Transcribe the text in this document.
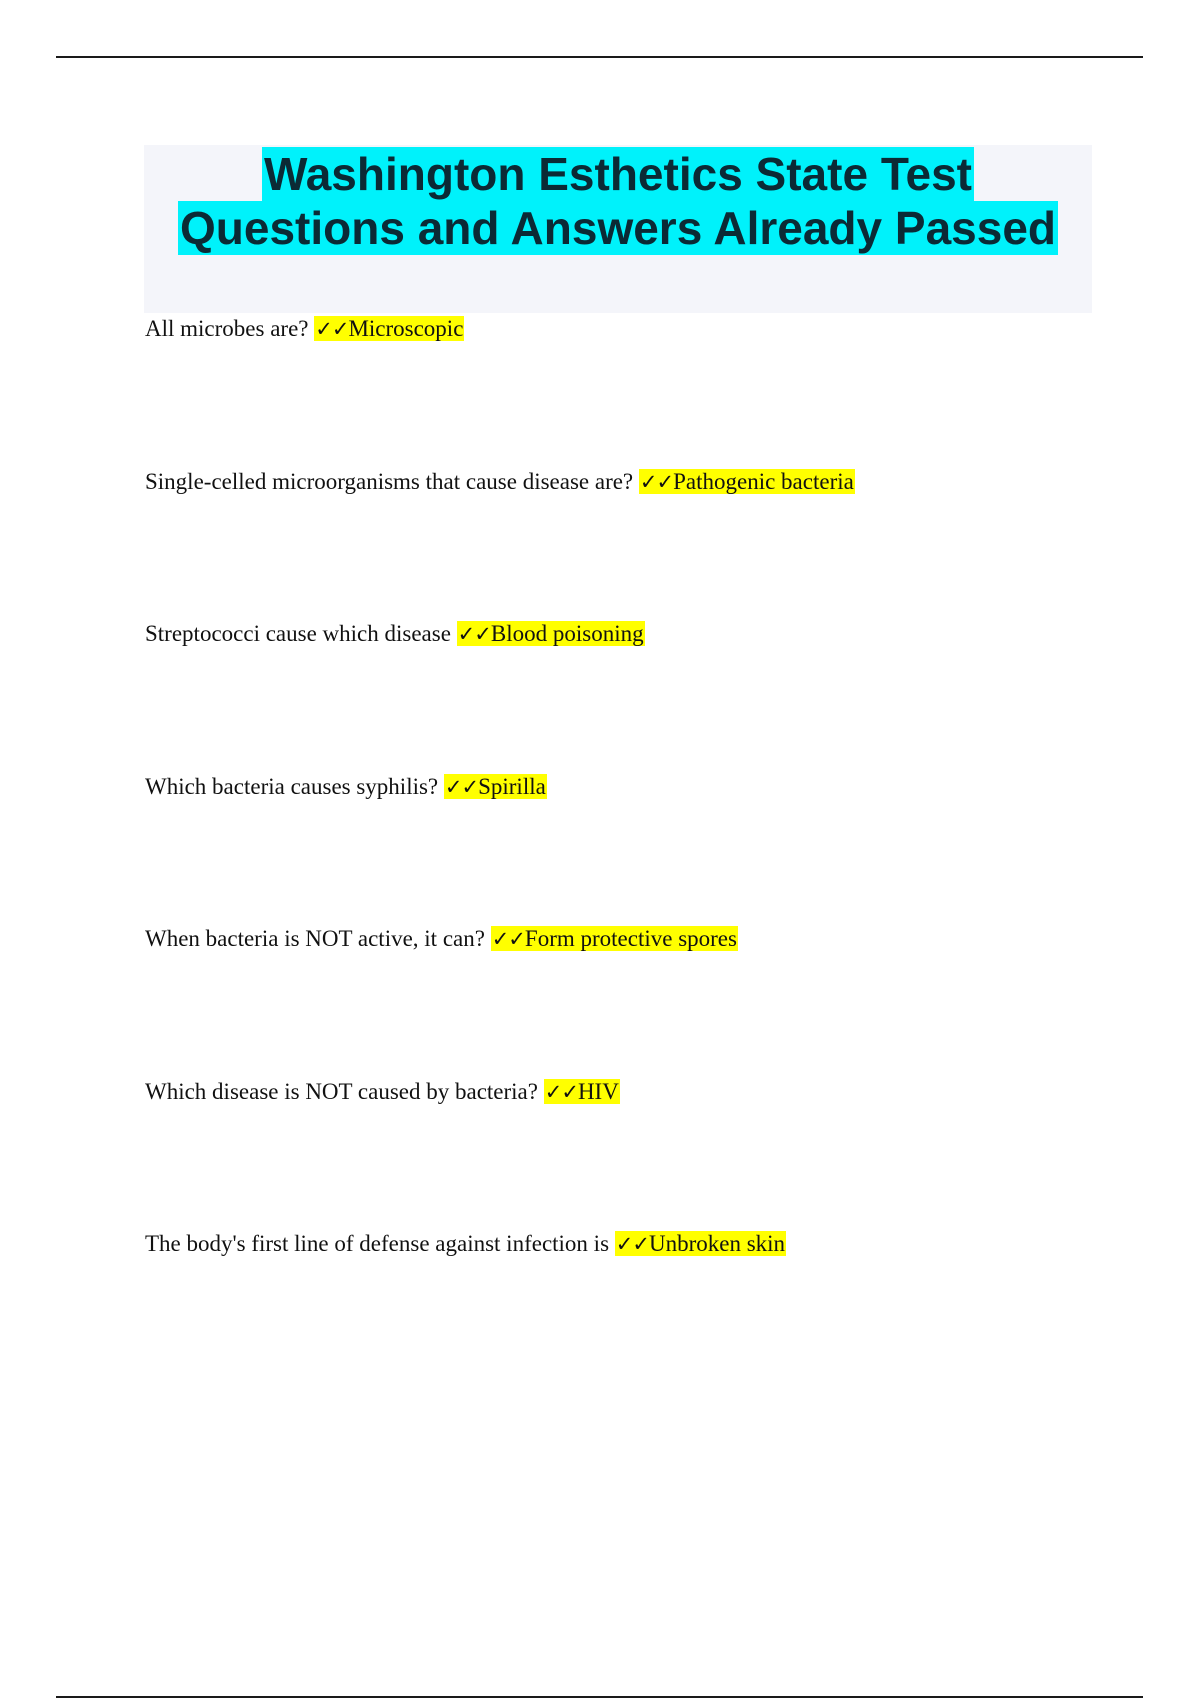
Washington Esthetics State Test
Questions and Answers Already Passed
All microbes are? ✓✓Microscopic
Single-celled microorganisms that cause disease are? ✓✓Pathogenic bacteria
Streptococci cause which disease ✓✓Blood poisoning
Which bacteria causes syphilis? ✓✓Spirilla
When bacteria is NOT active, it can? ✓✓Form protective spores
Which disease is NOT caused by bacteria? ✓✓HIV
The body's first line of defense against infection is ✓✓Unbroken skin
